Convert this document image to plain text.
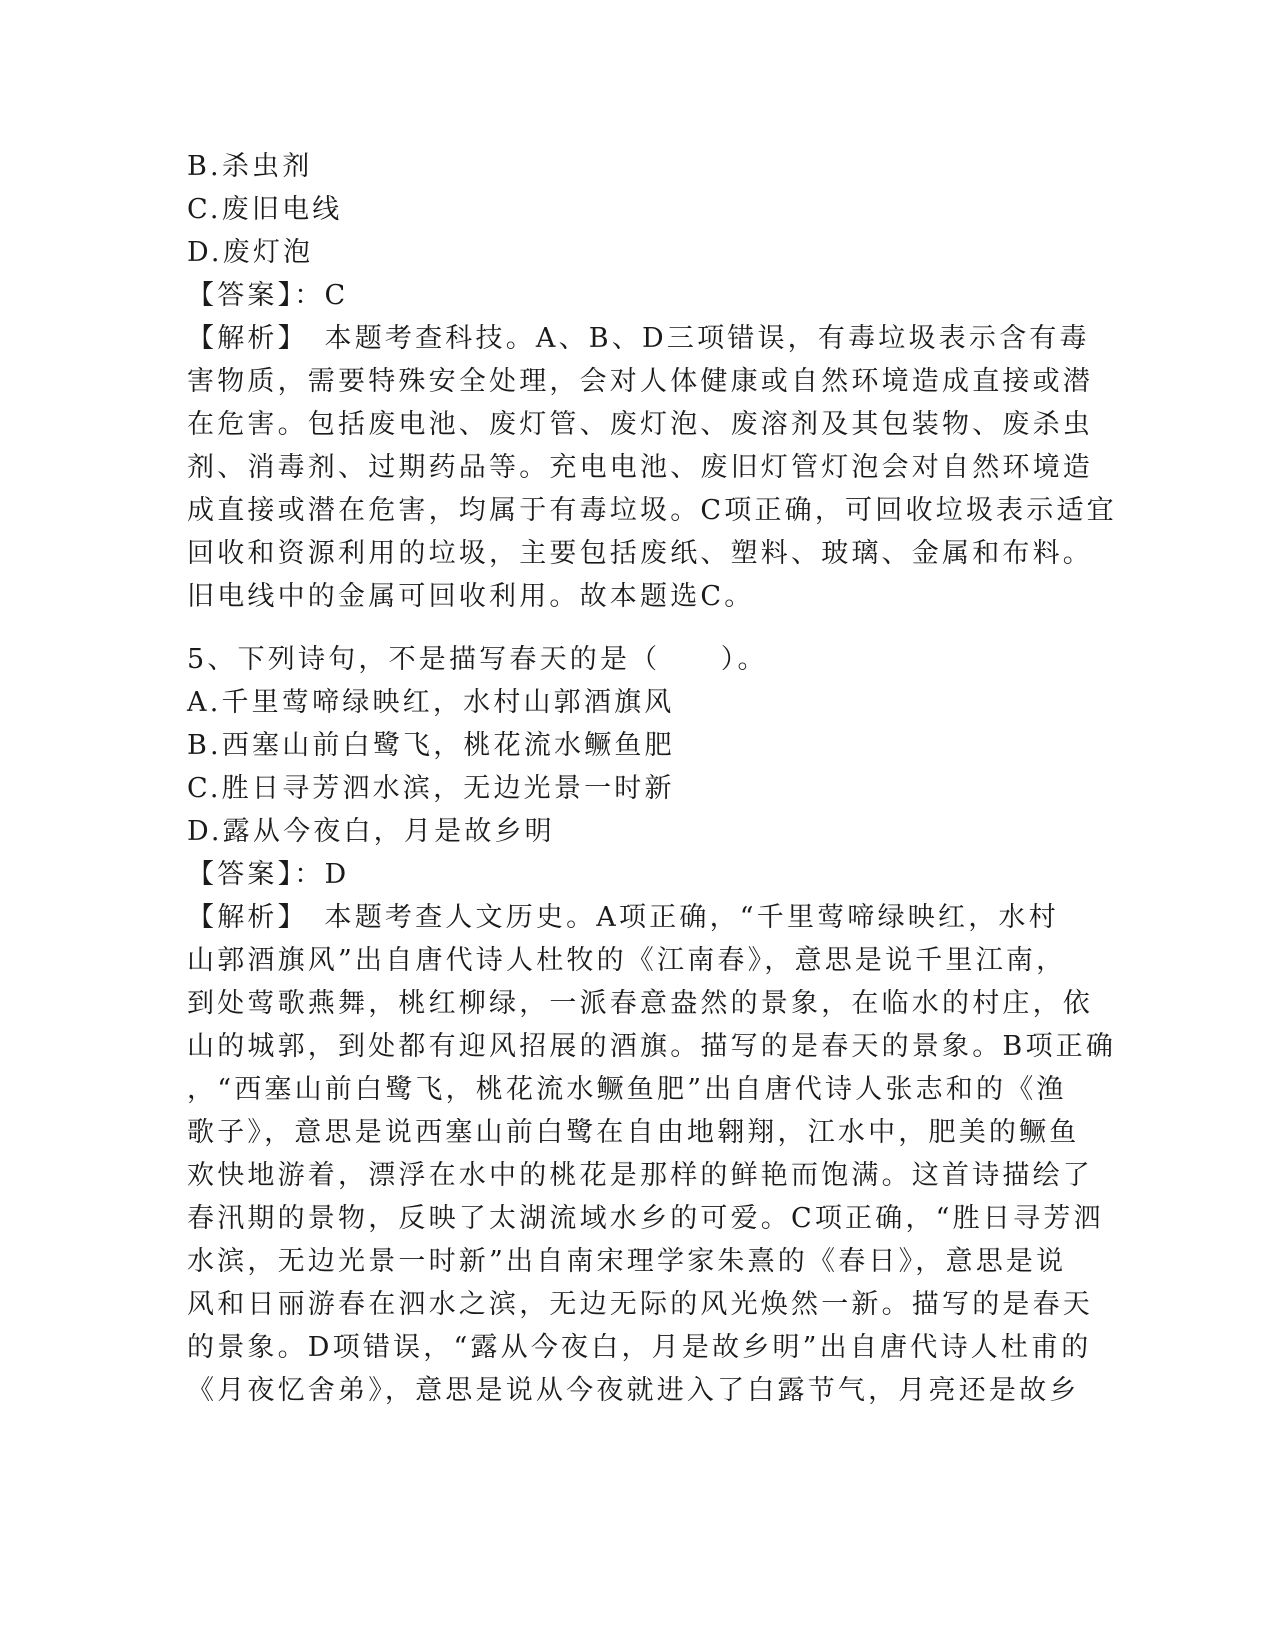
B.杀虫剂
C.废旧电线
D.废灯泡
【答案】：C
【解析】　本题考查科技。A、B、D三项错误，有毒垃圾表示含有毒
害物质，需要特殊安全处理，会对人体健康或自然环境造成直接或潜
在危害。包括废电池、废灯管、废灯泡、废溶剂及其包装物、废杀虫
剂、消毒剂、过期药品等。充电电池、废旧灯管灯泡会对自然环境造
成直接或潜在危害，均属于有毒垃圾。C项正确，可回收垃圾表示适宜
回收和资源利用的垃圾，主要包括废纸、塑料、玻璃、金属和布料。
旧电线中的金属可回收利用。故本题选C。
5、下列诗句，不是描写春天的是（　　）。
A.千里莺啼绿映红，水村山郭酒旗风
B.西塞山前白鹭飞，桃花流水鳜鱼肥
C.胜日寻芳泗水滨，无边光景一时新
D.露从今夜白，月是故乡明
【答案】：D
【解析】　本题考查人文历史。A项正确，“千里莺啼绿映红，水村
山郭酒旗风”出自唐代诗人杜牧的《江南春》，意思是说千里江南，
到处莺歌燕舞，桃红柳绿，一派春意盎然的景象，在临水的村庄，依
山的城郭，到处都有迎风招展的酒旗。描写的是春天的景象。B项正确
，“西塞山前白鹭飞，桃花流水鳜鱼肥”出自唐代诗人张志和的《渔
歌子》，意思是说西塞山前白鹭在自由地翱翔，江水中，肥美的鳜鱼
欢快地游着，漂浮在水中的桃花是那样的鲜艳而饱满。这首诗描绘了
春汛期的景物，反映了太湖流域水乡的可爱。C项正确，“胜日寻芳泗
水滨，无边光景一时新”出自南宋理学家朱熹的《春日》，意思是说
风和日丽游春在泗水之滨，无边无际的风光焕然一新。描写的是春天
的景象。D项错误，“露从今夜白，月是故乡明”出自唐代诗人杜甫的
《月夜忆舍弟》，意思是说从今夜就进入了白露节气，月亮还是故乡
